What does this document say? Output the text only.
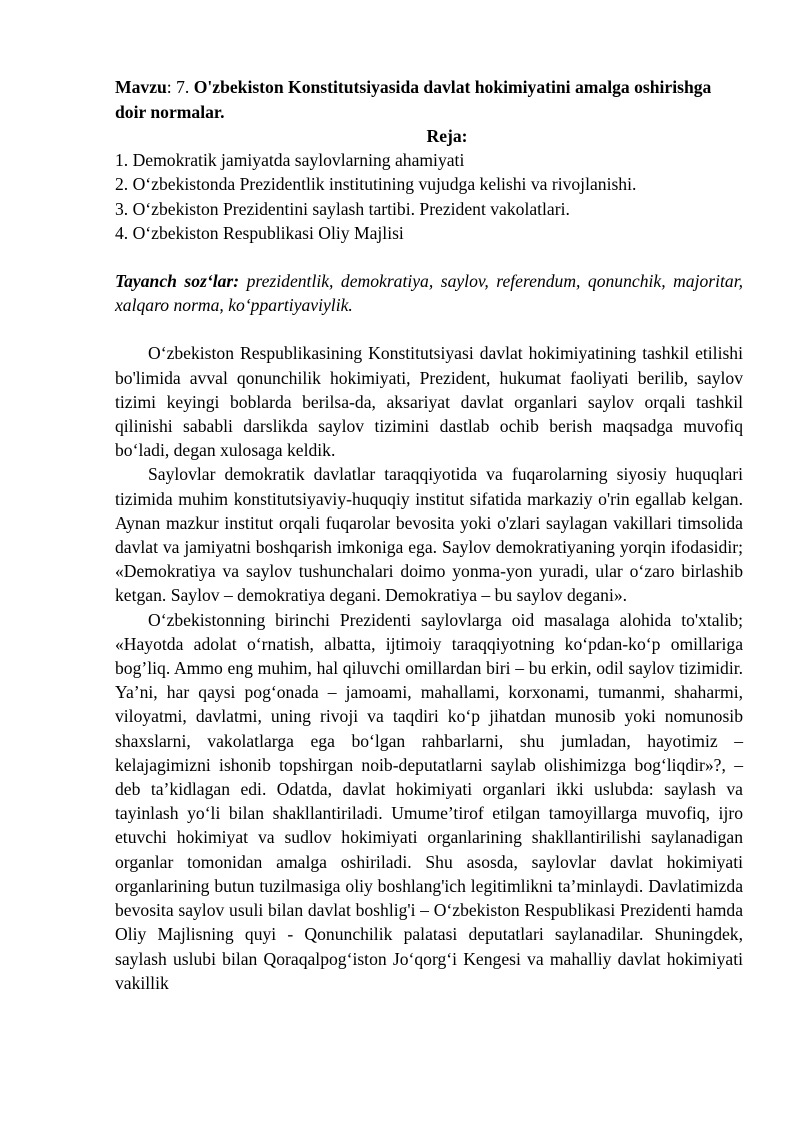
Mavzu: 7. O'zbekiston Konstitutsiyasida davlat hokimiyatini amalga oshirishga doir normalar.

Reja:

1. Demokratik jamiyatda saylovlarning ahamiyati
2. O‘zbekistonda Prezidentlik institutining vujudga kelishi va rivojlanishi.
3. O‘zbekiston Prezidentini saylash tartibi. Prezident vakolatlari.
4. O‘zbekiston Respublikasi Oliy Majlisi

Tayanch soz‘lar: prezidentlik, demokratiya, saylov, referendum, qonunchik, majoritar, xalqaro norma, ko‘ppartiyaviylik.

O‘zbekiston Respublikasining Konstitutsiyasi davlat hokimiyatining tashkil etilishi bo'limida avval qonunchilik hokimiyati, Prezident, hukumat faoliyati berilib, saylov tizimi keyingi boblarda berilsa-da, aksariyat davlat organlari saylov orqali tashkil qilinishi sababli darslikda saylov tizimini dastlab ochib berish maqsadga muvofiq bo‘ladi, degan xulosaga keldik.

Saylovlar demokratik davlatlar taraqqiyotida va fuqarolarning siyosiy huquqlari tizimida muhim konstitutsiyaviy-huquqiy institut sifatida markaziy o'rin egallab kelgan. Aynan mazkur institut orqali fuqarolar bevosita yoki o'zlari saylagan vakillari timsolida davlat va jamiyatni boshqarish imkoniga ega. Saylov demokratiyaning yorqin ifodasidir; «Demokratiya va saylov tushunchalari doimo yonma-yon yuradi, ular o‘zaro birlashib ketgan. Saylov – demokratiya degani. Demokratiya – bu saylov degani».

O‘zbekistonning birinchi Prezidenti saylovlarga oid masalaga alohida to'xtalib; «Hayotda adolat o‘rnatish, albatta, ijtimoiy taraqqiyotning ko‘pdan-ko‘p omillariga bog’liq. Ammo eng muhim, hal qiluvchi omillardan biri – bu erkin, odil saylov tizimidir. Ya’ni, har qaysi pog‘onada – jamoami, mahallami, korxonami, tumanmi, shaharmi, viloyatmi, davlatmi, uning rivoji va taqdiri ko‘p jihatdan munosib yoki nomunosib shaxslarni, vakolatlarga ega bo‘lgan rahbarlarni, shu jumladan, hayotimiz – kelajagimizni ishonib topshirgan noib-deputatlarni saylab olishimizga bog‘liqdir»?, – deb ta’kidlagan edi. Odatda, davlat hokimiyati organlari ikki uslubda: saylash va tayinlash yo‘li bilan shakllantiriladi. Umume’tirof etilgan tamoyillarga muvofiq, ijro etuvchi hokimiyat va sudlov hokimiyati organlarining shakllantirilishi saylanadigan organlar tomonidan amalga oshiriladi. Shu asosda, saylovlar davlat hokimiyati organlarining butun tuzilmasiga oliy boshlang'ich legitimlikni ta’minlaydi. Davlatimizda bevosita saylov usuli bilan davlat boshlig'i – O‘zbekiston Respublikasi Prezidenti hamda Oliy Majlisning quyi - Qonunchilik palatasi deputatlari saylanadilar. Shuningdek, saylash uslubi bilan Qoraqalpog‘iston Jo‘qorg‘i Kengesi va mahalliy davlat hokimiyati vakillik
